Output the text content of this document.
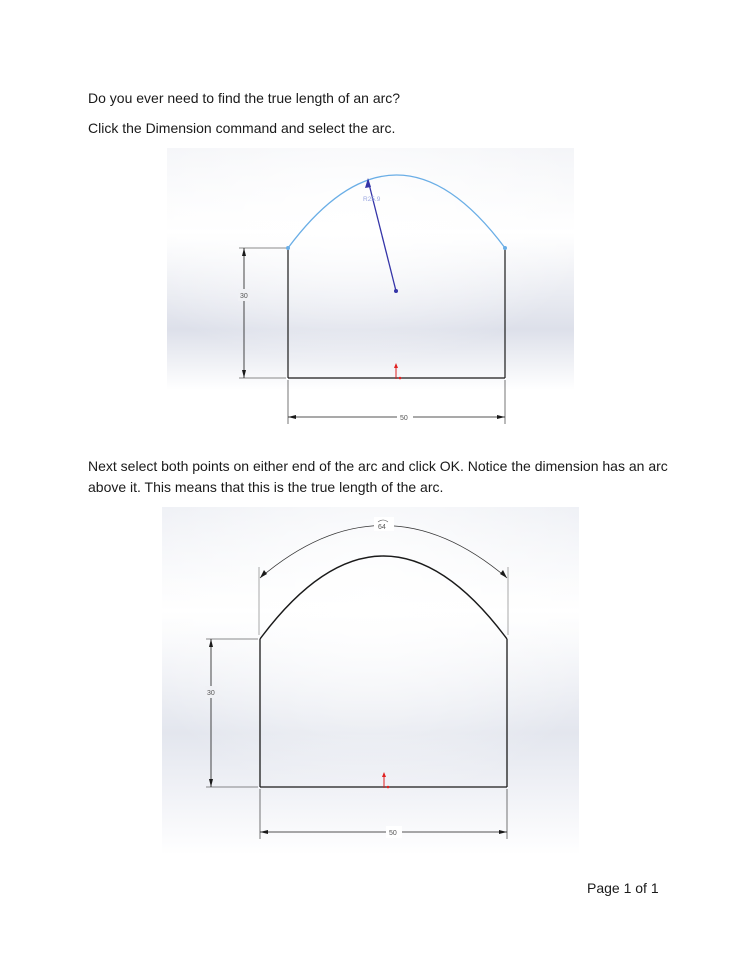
Do you ever need to find the true length of an arc?
Click the Dimension command and select the arc.
R25.9
30
50
Next select both points on either end of the arc and click OK. Notice the dimension has an arc above it. This means that this is the true length of the arc.
64
30
50
Page 1 of 1
